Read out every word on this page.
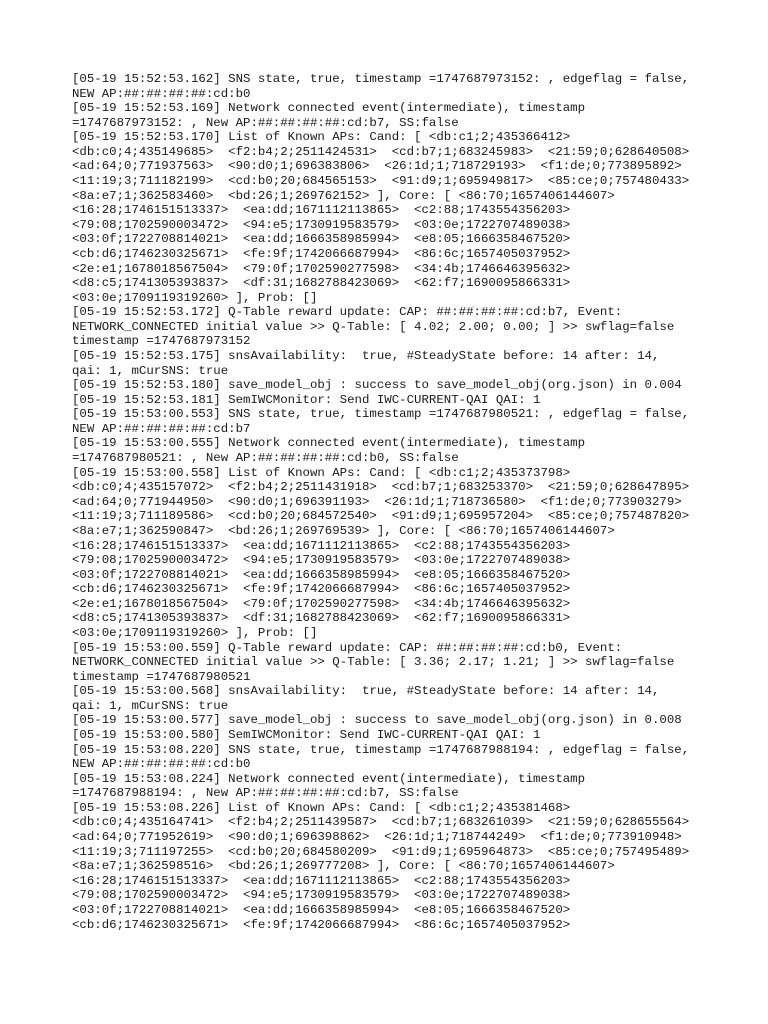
[05-19 15:52:53.162] SNS state, true, timestamp =1747687973152: , edgeflag = false,
NEW AP:##:##:##:##:cd:b0
[05-19 15:52:53.169] Network connected event(intermediate), timestamp
=1747687973152: , New AP:##:##:##:##:cd:b7, SS:false
[05-19 15:52:53.170] List of Known APs: Cand: [ <db:c1;2;435366412>
<db:c0;4;435149685>  <f2:b4;2;2511424531>  <cd:b7;1;683245983>  <21:59;0;628640508>
<ad:64;0;771937563>  <90:d0;1;696383806>  <26:1d;1;718729193>  <f1:de;0;773895892>
<11:19;3;711182199>  <cd:b0;20;684565153>  <91:d9;1;695949817>  <85:ce;0;757480433>
<8a:e7;1;362583460>  <bd:26;1;269762152> ], Core: [ <86:70;1657406144607>
<16:28;1746151513337>  <ea:dd;1671112113865>  <c2:88;1743554356203>
<79:08;1702590003472>  <94:e5;1730919583579>  <03:0e;1722707489038>
<03:0f;1722708814021>  <ea:dd;1666358985994>  <e8:05;1666358467520>
<cb:d6;1746230325671>  <fe:9f;1742066687994>  <86:6c;1657405037952>
<2e:e1;1678018567504>  <79:0f;1702590277598>  <34:4b;1746646395632>
<d8:c5;1741305393837>  <df:31;1682788423069>  <62:f7;1690095866331>
<03:0e;1709119319260> ], Prob: []
[05-19 15:52:53.172] Q-Table reward update: CAP: ##:##:##:##:cd:b7, Event:
NETWORK_CONNECTED initial value >> Q-Table: [ 4.02; 2.00; 0.00; ] >> swflag=false
timestamp =1747687973152
[05-19 15:52:53.175] snsAvailability:  true, #SteadyState before: 14 after: 14,
qai: 1, mCurSNS: true
[05-19 15:52:53.180] save_model_obj : success to save_model_obj(org.json) in 0.004
[05-19 15:52:53.181] SemIWCMonitor: Send IWC-CURRENT-QAI QAI: 1
[05-19 15:53:00.553] SNS state, true, timestamp =1747687980521: , edgeflag = false,
NEW AP:##:##:##:##:cd:b7
[05-19 15:53:00.555] Network connected event(intermediate), timestamp
=1747687980521: , New AP:##:##:##:##:cd:b0, SS:false
[05-19 15:53:00.558] List of Known APs: Cand: [ <db:c1;2;435373798>
<db:c0;4;435157072>  <f2:b4;2;2511431918>  <cd:b7;1;683253370>  <21:59;0;628647895>
<ad:64;0;771944950>  <90:d0;1;696391193>  <26:1d;1;718736580>  <f1:de;0;773903279>
<11:19;3;711189586>  <cd:b0;20;684572540>  <91:d9;1;695957204>  <85:ce;0;757487820>
<8a:e7;1;362590847>  <bd:26;1;269769539> ], Core: [ <86:70;1657406144607>
<16:28;1746151513337>  <ea:dd;1671112113865>  <c2:88;1743554356203>
<79:08;1702590003472>  <94:e5;1730919583579>  <03:0e;1722707489038>
<03:0f;1722708814021>  <ea:dd;1666358985994>  <e8:05;1666358467520>
<cb:d6;1746230325671>  <fe:9f;1742066687994>  <86:6c;1657405037952>
<2e:e1;1678018567504>  <79:0f;1702590277598>  <34:4b;1746646395632>
<d8:c5;1741305393837>  <df:31;1682788423069>  <62:f7;1690095866331>
<03:0e;1709119319260> ], Prob: []
[05-19 15:53:00.559] Q-Table reward update: CAP: ##:##:##:##:cd:b0, Event:
NETWORK_CONNECTED initial value >> Q-Table: [ 3.36; 2.17; 1.21; ] >> swflag=false
timestamp =1747687980521
[05-19 15:53:00.568] snsAvailability:  true, #SteadyState before: 14 after: 14,
qai: 1, mCurSNS: true
[05-19 15:53:00.577] save_model_obj : success to save_model_obj(org.json) in 0.008
[05-19 15:53:00.580] SemIWCMonitor: Send IWC-CURRENT-QAI QAI: 1
[05-19 15:53:08.220] SNS state, true, timestamp =1747687988194: , edgeflag = false,
NEW AP:##:##:##:##:cd:b0
[05-19 15:53:08.224] Network connected event(intermediate), timestamp
=1747687988194: , New AP:##:##:##:##:cd:b7, SS:false
[05-19 15:53:08.226] List of Known APs: Cand: [ <db:c1;2;435381468>
<db:c0;4;435164741>  <f2:b4;2;2511439587>  <cd:b7;1;683261039>  <21:59;0;628655564>
<ad:64;0;771952619>  <90:d0;1;696398862>  <26:1d;1;718744249>  <f1:de;0;773910948>
<11:19;3;711197255>  <cd:b0;20;684580209>  <91:d9;1;695964873>  <85:ce;0;757495489>
<8a:e7;1;362598516>  <bd:26;1;269777208> ], Core: [ <86:70;1657406144607>
<16:28;1746151513337>  <ea:dd;1671112113865>  <c2:88;1743554356203>
<79:08;1702590003472>  <94:e5;1730919583579>  <03:0e;1722707489038>
<03:0f;1722708814021>  <ea:dd;1666358985994>  <e8:05;1666358467520>
<cb:d6;1746230325671>  <fe:9f;1742066687994>  <86:6c;1657405037952>
